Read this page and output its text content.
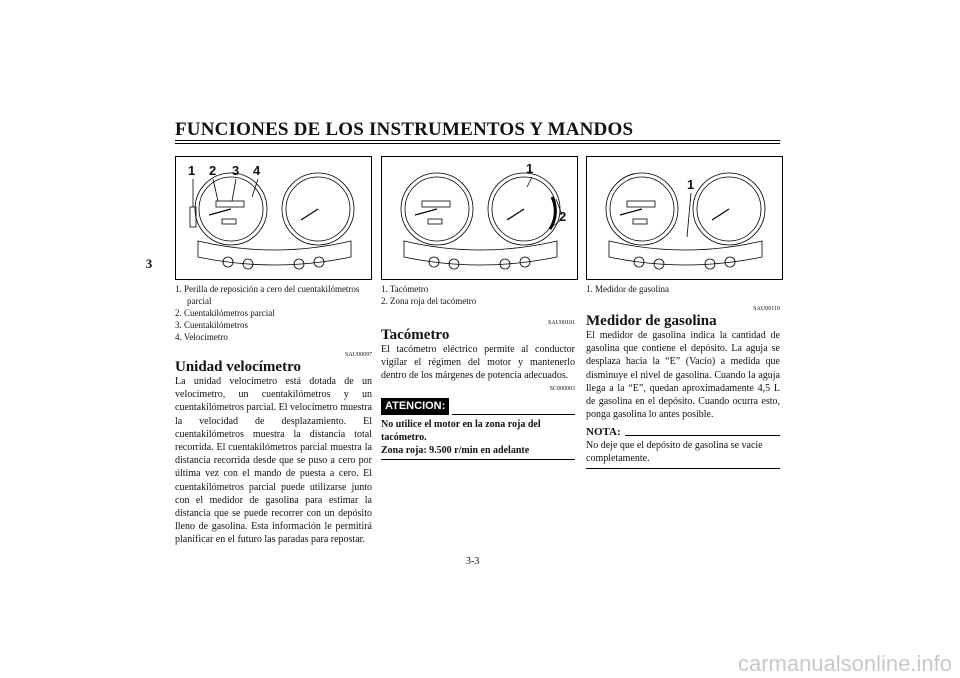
FUNCIONES DE LOS INSTRUMENTOS Y MANDOS
3
1 2 3 4	1
2
1
1. Perilla de reposición a cero del cuentakilómetros parcial
2. Cuentakilómetros parcial
3. Cuentakilómetros
4. Velocímetro
SAU00097
Unidad velocímetro

La unidad velocímetro está dotada de un velocímetro, un cuentakilómetros y un cuentakilómetros parcial. El velocímetro muestra la velocidad de desplazamiento. El cuentakilómetros muestra la distancia total recorrida. El cuentakilómetros parcial muestra la distancia recorrida desde que se puso a cero por última vez con el mando de puesta a cero. El cuentakilómetros parcial puede utilizarse junto con el medidor de gasolina para estimar la distancia que se puede recorrer con un depósito lleno de gasolina. Esta información le permitirá planificar en el futuro las paradas para repostar.

1. Tacómetro
2. Zona roja del tacómetro
SAU00101
Tacómetro

El tacómetro eléctrico permite al conductor vigilar el régimen del motor y mantenerlo dentro de los márgenes de potencia adecuados.

SC000003
ATENCION:
No utilice el motor en la zona roja del tacómetro.
Zona roja: 9.500 r/min en adelante
1. Medidor de gasolina
SAU00110
Medidor de gasolina

El medidor de gasolina indica la cantidad de gasolina que contiene el depósito. La aguja se desplaza hacia la “E” (Vacío) a medida que disminuye el nivel de gasolina. Cuando la aguja llega a la “E”, quedan aproximadamente 4,5 L de gasolina en el depósito. Cuando ocurra esto, ponga gasolina lo antes posible.

NOTA:
No deje que el depósito de gasolina se vacíe completamente.
3-3
carmanualsonline.info
